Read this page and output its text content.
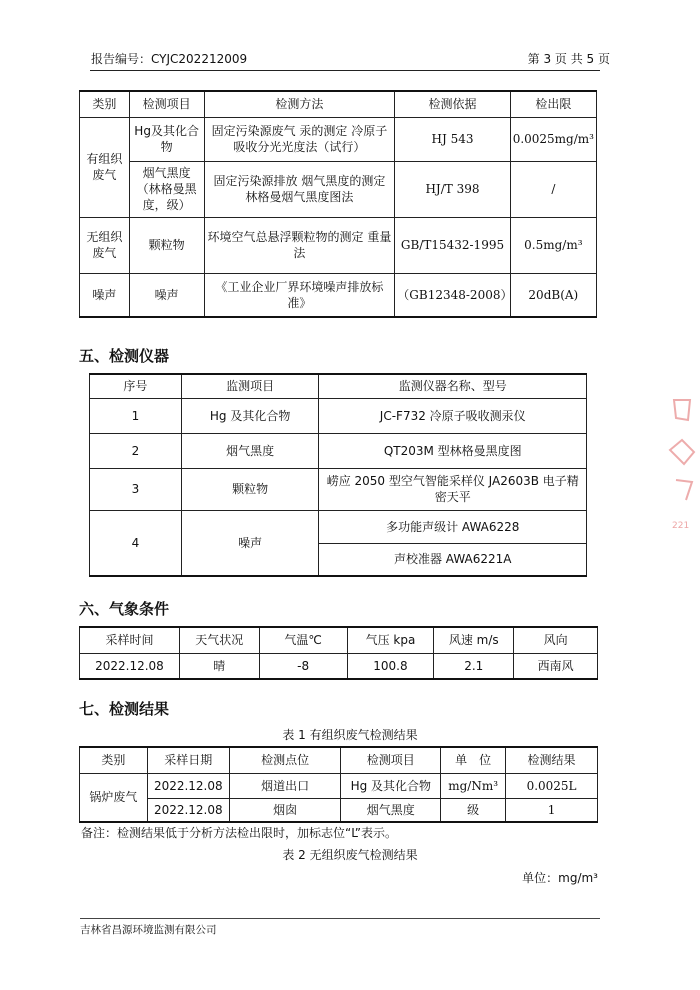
报告编号：CYJC202212009	第 3 页 共 5 页
类别	检测项目	检测方法	检测依据	检出限
有组织废气	Hg及其化合物	固定污染源废气 汞的测定 冷原子吸收分光光度法（试行）	HJ 543	0.0025mg/m³
	烟气黑度（林格曼黑度，级）	固定污染源排放 烟气黑度的测定 林格曼烟气黑度图法	HJ/T 398	/
无组织废气	颗粒物	环境空气总悬浮颗粒物的测定 重量法	GB/T15432-1995	0.5mg/m³
噪声	噪声	《工业企业厂界环境噪声排放标准》	（GB12348-2008）	20dB(A)
五、检测仪器
序号	监测项目	监测仪器名称、型号
1	Hg 及其化合物	JC-F732 冷原子吸收测汞仪
2	烟气黑度	QT203M 型林格曼黑度图
3	颗粒物	崂应 2050 型空气智能采样仪 JA2603B 电子精密天平
4	噪声	多功能声级计 AWA6228
		声校准器 AWA6221A
六、气象条件
采样时间	天气状况	气温℃	气压 kpa	风速 m/s	风向
2022.12.08	晴	-8	100.8	2.1	西南风
七、检测结果
表 1 有组织废气检测结果
类别	采样日期	检测点位	检测项目	单　位	检测结果
锅炉废气	2022.12.08	烟道出口	Hg 及其化合物	mg/Nm³	0.0025L
	2022.12.08	烟囱	烟气黑度	级	1
备注：检测结果低于分析方法检出限时，加标志位“L”表示。
表 2 无组织废气检测结果
单位：mg/m³
221
吉林省昌源环境监测有限公司
